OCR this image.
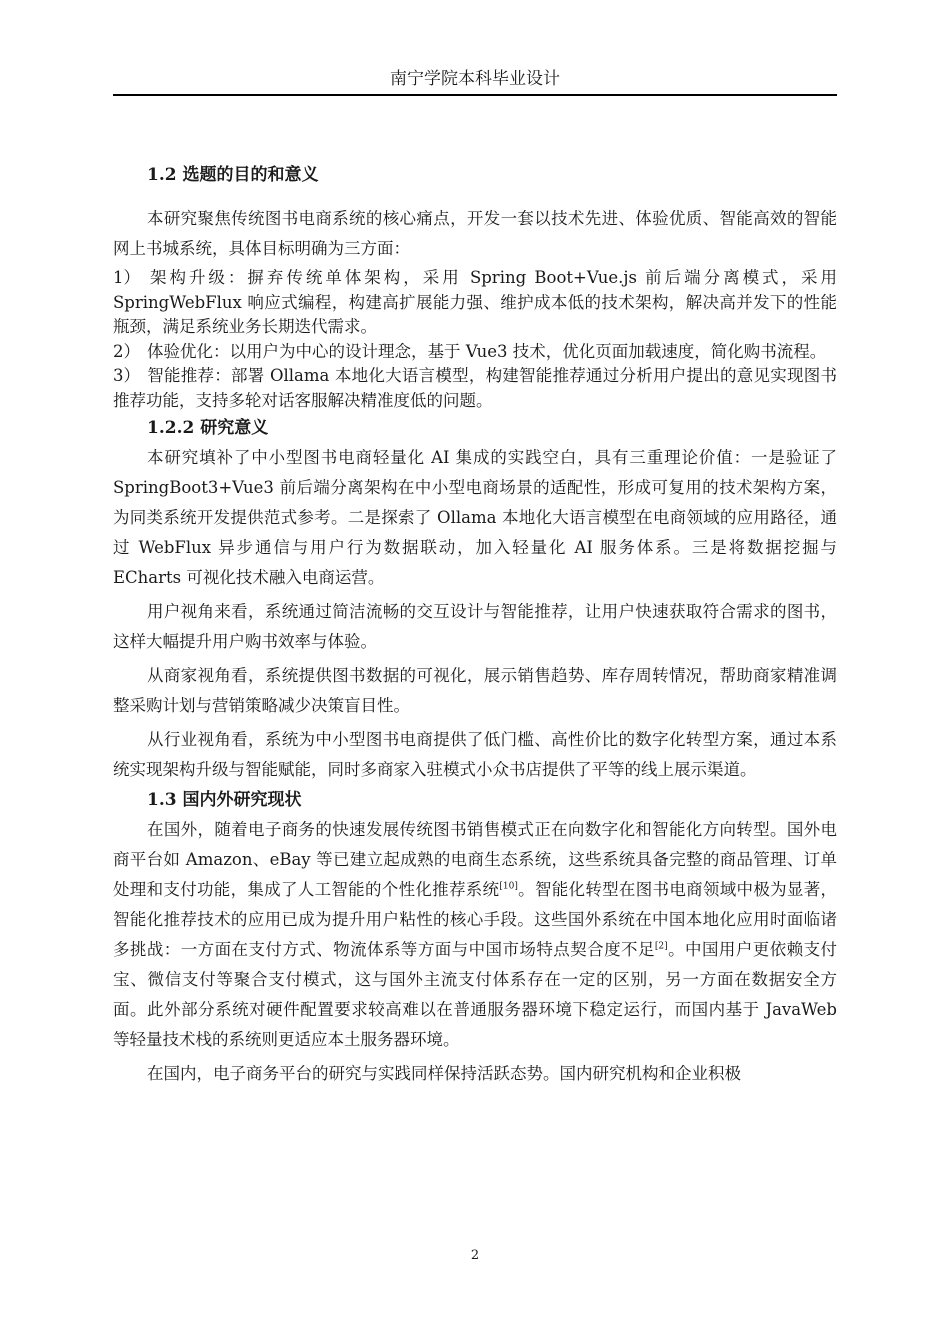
南宁学院本科毕业设计

1.2 选题的目的和意义

本研究聚焦传统图书电商系统的核心痛点，开发一套以技术先进、体验优质、智能高效的智能网上书城系统，具体目标明确为三方面：

1） 架构升级：摒弃传统单体架构，采用 Spring Boot+Vue.js 前后端分离模式，采用 SpringWebFlux 响应式编程，构建高扩展能力强、维护成本低的技术架构，解决高并发下的性能瓶颈，满足系统业务长期迭代需求。

2） 体验优化：以用户为中心的设计理念，基于 Vue3 技术，优化页面加载速度，简化购书流程。

3） 智能推荐：部署 Ollama 本地化大语言模型，构建智能推荐通过分析用户提出的意见实现图书推荐功能，支持多轮对话客服解决精准度低的问题。

1.2.2 研究意义

本研究填补了中小型图书电商轻量化 AI 集成的实践空白，具有三重理论价值：一是验证了 SpringBoot3+Vue3 前后端分离架构在中小型电商场景的适配性，形成可复用的技术架构方案，为同类系统开发提供范式参考。二是探索了 Ollama 本地化大语言模型在电商领域的应用路径，通过 WebFlux 异步通信与用户行为数据联动，加入轻量化 AI 服务体系。三是将数据挖掘与 ECharts 可视化技术融入电商运营。

用户视角来看，系统通过简洁流畅的交互设计与智能推荐，让用户快速获取符合需求的图书，这样大幅提升用户购书效率与体验。

从商家视角看，系统提供图书数据的可视化，展示销售趋势、库存周转情况，帮助商家精准调整采购计划与营销策略减少决策盲目性。

从行业视角看，系统为中小型图书电商提供了低门槛、高性价比的数字化转型方案，通过本系统实现架构升级与智能赋能，同时多商家入驻模式小众书店提供了平等的线上展示渠道。

1.3 国内外研究现状

在国外，随着电子商务的快速发展传统图书销售模式正在向数字化和智能化方向转型。国外电商平台如 Amazon、eBay 等已建立起成熟的电商生态系统，这些系统具备完整的商品管理、订单处理和支付功能，集成了人工智能的个性化推荐系统[10]。智能化转型在图书电商领域中极为显著，智能化推荐技术的应用已成为提升用户粘性的核心手段。这些国外系统在中国本地化应用时面临诸多挑战：一方面在支付方式、物流体系等方面与中国市场特点契合度不足[2]。中国用户更依赖支付宝、微信支付等聚合支付模式，这与国外主流支付体系存在一定的区别，另一方面在数据安全方面。此外部分系统对硬件配置要求较高难以在普通服务器环境下稳定运行，而国内基于 JavaWeb 等轻量技术栈的系统则更适应本土服务器环境。

在国内，电子商务平台的研究与实践同样保持活跃态势。国内研究机构和企业积极

2
